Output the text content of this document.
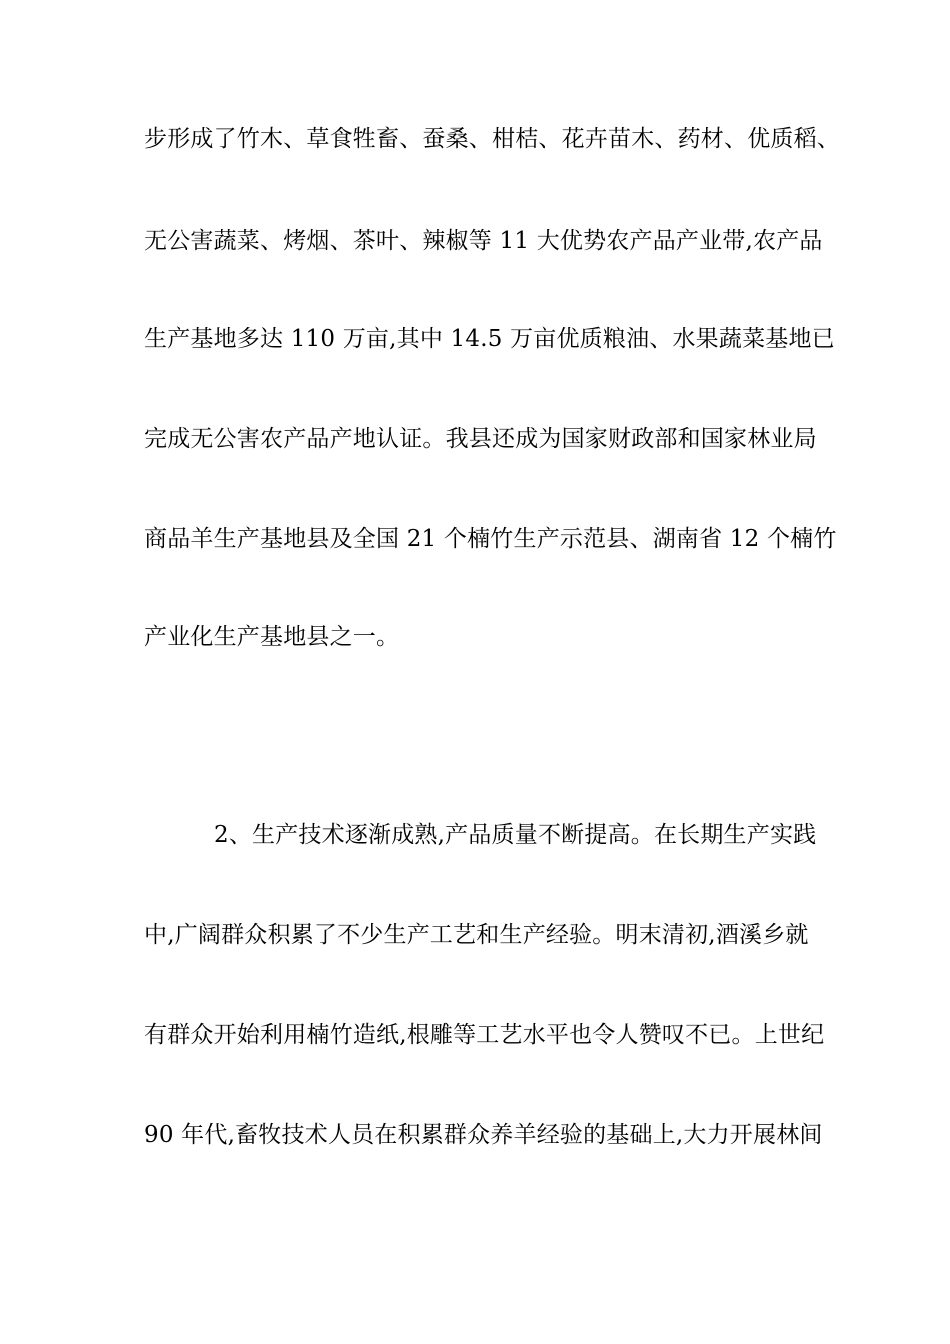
步形成了竹木、草食牲畜、蚕桑、柑桔、花卉苗木、药材、优质稻、
无公害蔬菜、烤烟、茶叶、辣椒等 11 大优势农产品产业带,农产品
生产基地多达 110 万亩,其中 14.5 万亩优质粮油、水果蔬菜基地已
完成无公害农产品产地认证。我县还成为国家财政部和国家林业局
商品羊生产基地县及全国 21 个楠竹生产示范县、湖南省 12 个楠竹
产业化生产基地县之一。
2、生产技术逐渐成熟,产品质量不断提高。在长期生产实践
中,广阔群众积累了不少生产工艺和生产经验。明末清初,酒溪乡就
有群众开始利用楠竹造纸,根雕等工艺水平也令人赞叹不已。上世纪
90 年代,畜牧技术人员在积累群众养羊经验的基础上,大力开展林间
